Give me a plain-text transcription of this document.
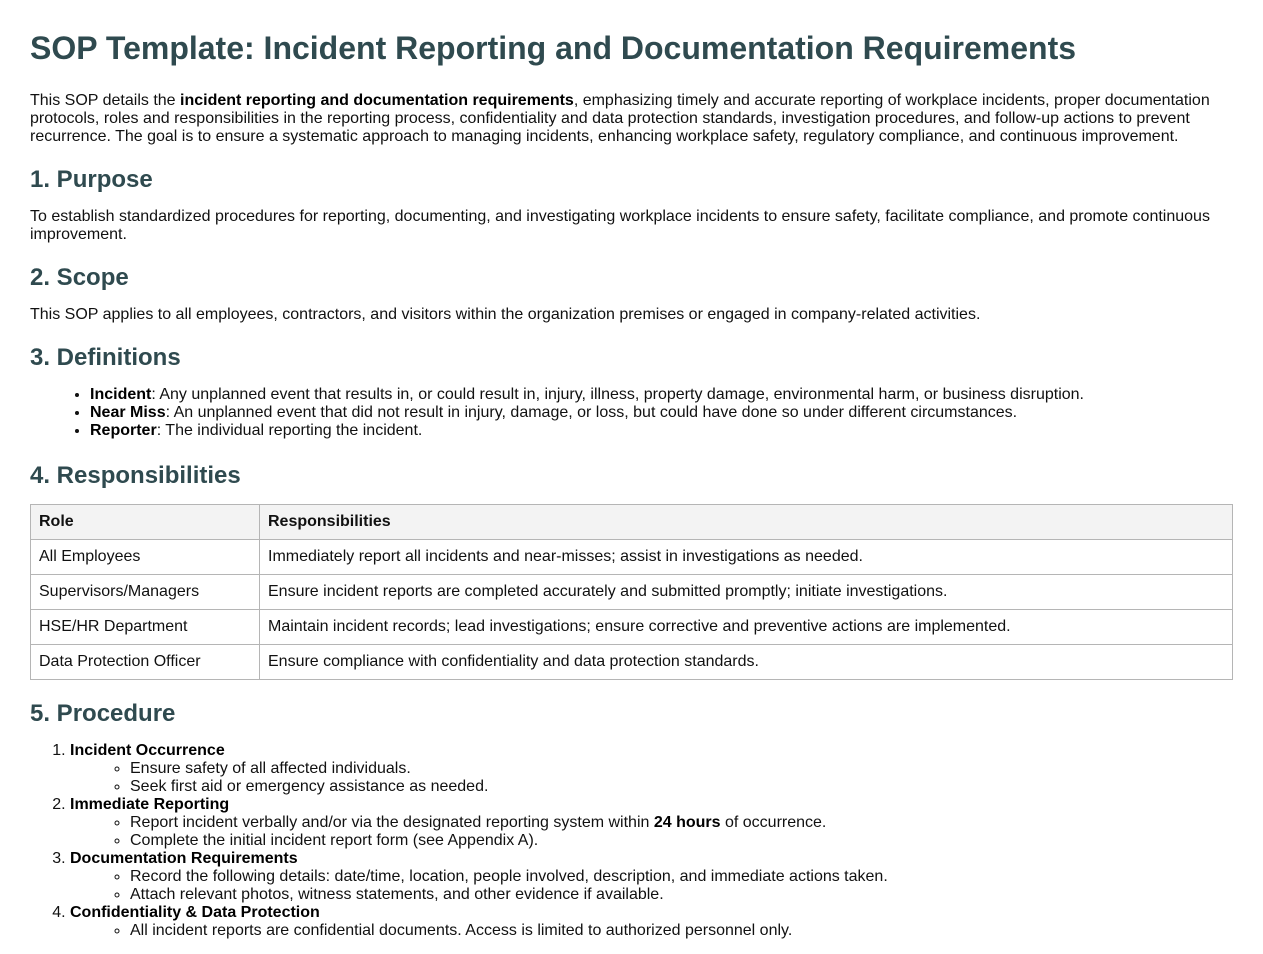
SOP Template: Incident Reporting and Documentation Requirements

This SOP details the incident reporting and documentation requirements, emphasizing timely and accurate reporting of workplace incidents, proper documentation protocols, roles and responsibilities in the reporting process, confidentiality and data protection standards, investigation procedures, and follow-up actions to prevent recurrence. The goal is to ensure a systematic approach to managing incidents, enhancing workplace safety, regulatory compliance, and continuous improvement.

1. Purpose

To establish standardized procedures for reporting, documenting, and investigating workplace incidents to ensure safety, facilitate compliance, and promote continuous improvement.

2. Scope

This SOP applies to all employees, contractors, and visitors within the organization premises or engaged in company-related activities.

3. Definitions
• Incident: Any unplanned event that results in, or could result in, injury, illness, property damage, environmental harm, or business disruption.
• Near Miss: An unplanned event that did not result in injury, damage, or loss, but could have done so under different circumstances.
• Reporter: The individual reporting the incident.
4. Responsibilities
Role	Responsibilities
All Employees	Immediately report all incidents and near-misses; assist in investigations as needed.
Supervisors/Managers	Ensure incident reports are completed accurately and submitted promptly; initiate investigations.
HSE/HR Department	Maintain incident records; lead investigations; ensure corrective and preventive actions are implemented.
Data Protection Officer	Ensure compliance with confidentiality and data protection standards.
5. Procedure
1. Incident Occurrence
◦ Ensure safety of all affected individuals.
◦ Seek first aid or emergency assistance as needed.
2. Immediate Reporting
◦ Report incident verbally and/or via the designated reporting system within 24 hours of occurrence.
◦ Complete the initial incident report form (see Appendix A).
3. Documentation Requirements
◦ Record the following details: date/time, location, people involved, description, and immediate actions taken.
◦ Attach relevant photos, witness statements, and other evidence if available.
4. Confidentiality & Data Protection
◦ All incident reports are confidential documents. Access is limited to authorized personnel only.
